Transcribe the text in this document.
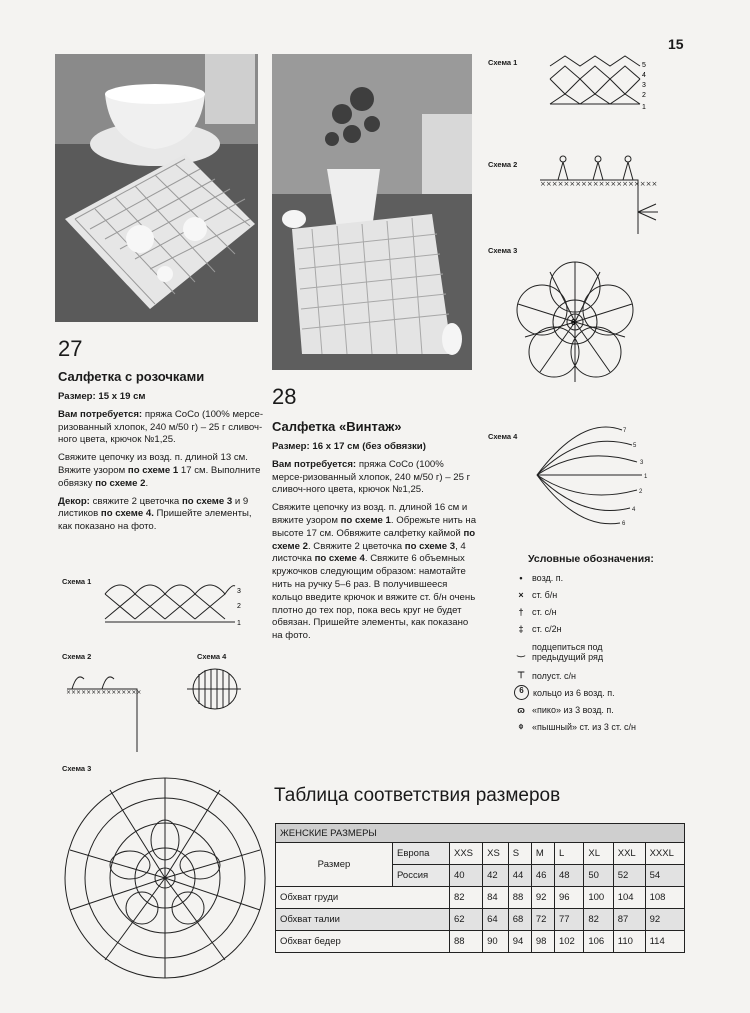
15
27
Салфетка с розочками
Размер: 15 х 19 см
Вам потребуется: пряжа CoCo (100% мерсе-ризованный хлопок, 240 м/50 г) – 25 г сливоч-ного цвета, крючок №1,25.
Свяжите цепочку из возд. п. длиной 13 см. Вяжите узором по схеме 1 17 см. Выполните обвязку по схеме 2.
Декор: свяжите 2 цветочка по схеме 3 и 9 листиков по схеме 4. Пришейте элементы, как показано на фото.
28
Салфетка «Винтаж»
Размер: 16 х 17 см (без обвязки)
Вам потребуется: пряжа CoCo (100% мерсе-ризованный хлопок, 240 м/50 г) – 25 г сливоч-ного цвета, крючок №1,25.
Свяжите цепочку из возд. п. длиной 16 см и вяжите узором по схеме 1. Обрежьте нить на высоте 17 см. Обвяжите салфетку каймой по схеме 2. Свяжите 2 цветочка по схеме 3, 4 листочка по схеме 4. Свяжите 6 объемных кружочков следующим образом: намотайте нить на ручку 5–6 раз. В получившееся кольцо введите крючок и вяжите ст. б/н очень плотно до тех пор, пока весь круг не будет обвязан. Пришейте элементы, как показано на фото.
Схема 1	5
4
3
2
1
Схема 2
××××××××××××××××××××
Схема 3
6
Схема 4
7
5
3
1
2
4
6
Условные обозначения:
•	возд. п.
× ст. б/н
† ст. с/н
‡ ст. с/2н
‿ подцепиться под предыдущий ряд
⊤ полуст. с/н
6	кольцо из 6 возд. п.
ɷ «пико» из 3 возд. п.
⌽ «пышный» ст. из 3 ст. с/н
Схема 1
3
2
1
Схема 2
×××××××××××××××
Схема 4
Схема 3
Таблица соответствия размеров
ЖЕНСКИЕ РАЗМЕРЫ									
Размер	Европа	XXS	XS	S	M	L	XL	XXL	XXXL
	Россия	40	42	44	46	48	50	52	54
Обхват груди		82	84	88	92	96	100	104	108
Обхват талии		62	64	68	72	77	82	87	92
Обхват бедер		88	90	94	98	102	106	110	114
